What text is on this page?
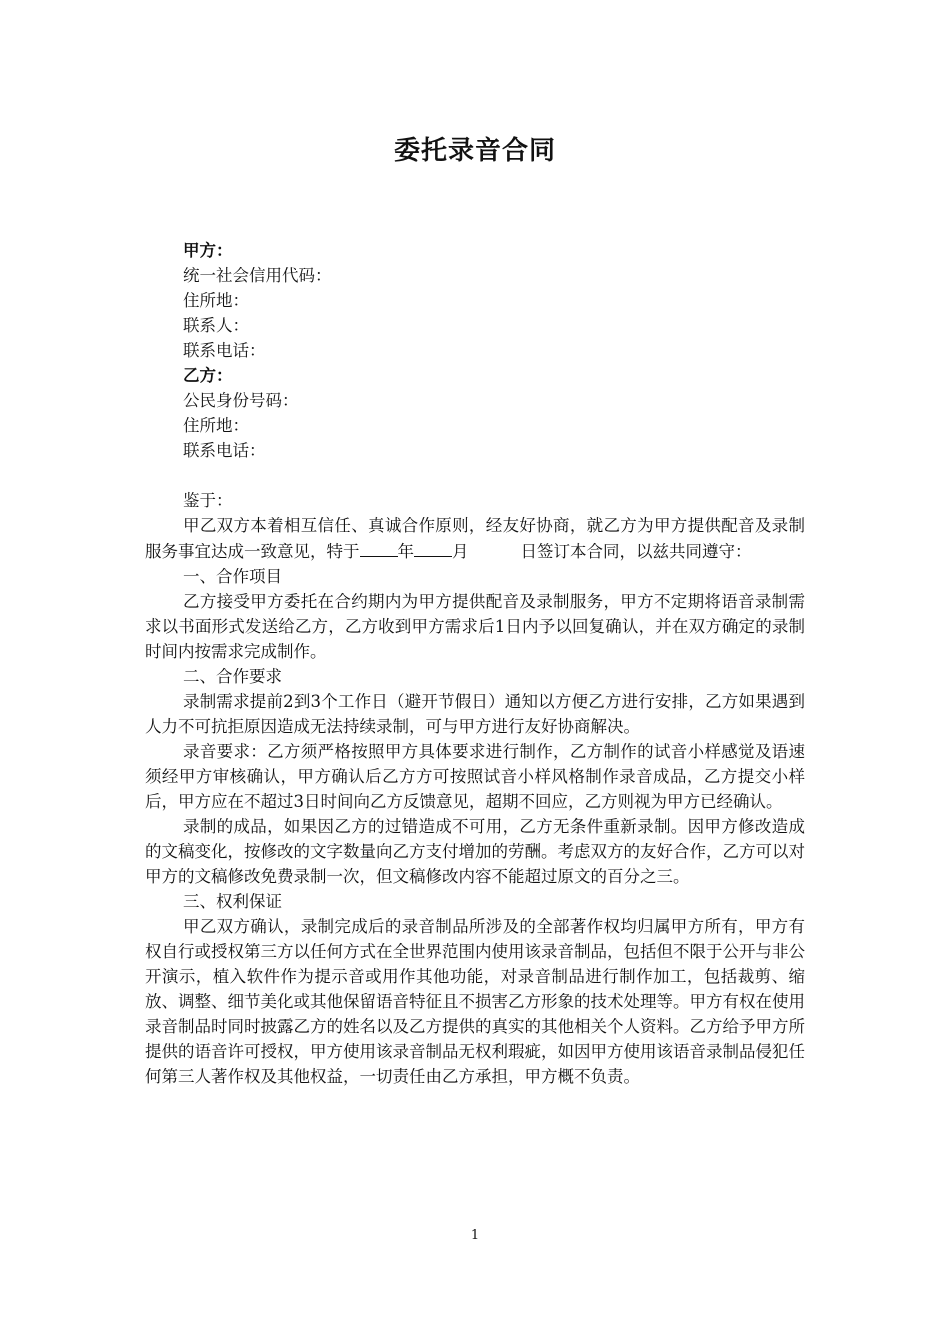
委托录音合同
甲方：
统一社会信用代码：
住所地：
联系人：
联系电话：
乙方：
公民身份号码：
住所地：
联系电话：
鉴于：

甲乙双方本着相互信任、真诚合作原则，经友好协商，就乙方为甲方提供配音及录制服务事宜达成一致意见，特于 年 月	日签订本合同，以兹共同遵守：

一、合作项目

乙方接受甲方委托在合约期内为甲方提供配音及录制服务，甲方不定期将语音录制需求以书面形式发送给乙方，乙方收到甲方需求后1日内予以回复确认，并在双方确定的录制时间内按需求完成制作。

二、合作要求

录制需求提前2到3个工作日（避开节假日）通知以方便乙方进行安排，乙方如果遇到人力不可抗拒原因造成无法持续录制，可与甲方进行友好协商解决。

录音要求：乙方须严格按照甲方具体要求进行制作，乙方制作的试音小样感觉及语速须经甲方审核确认，甲方确认后乙方方可按照试音小样风格制作录音成品，乙方提交小样后，甲方应在不超过3日时间向乙方反馈意见，超期不回应，乙方则视为甲方已经确认。

录制的成品，如果因乙方的过错造成不可用，乙方无条件重新录制。因甲方修改造成的文稿变化，按修改的文字数量向乙方支付增加的劳酬。考虑双方的友好合作，乙方可以对甲方的文稿修改免费录制一次，但文稿修改内容不能超过原文的百分之三。

三、权利保证

甲乙双方确认，录制完成后的录音制品所涉及的全部著作权均归属甲方所有，甲方有权自行或授权第三方以任何方式在全世界范围内使用该录音制品，包括但不限于公开与非公开演示，植入软件作为提示音或用作其他功能，对录音制品进行制作加工，包括裁剪、缩放、调整、细节美化或其他保留语音特征且不损害乙方形象的技术处理等。甲方有权在使用录音制品时同时披露乙方的姓名以及乙方提供的真实的其他相关个人资料。乙方给予甲方所提供的语音许可授权，甲方使用该录音制品无权利瑕疵，如因甲方使用该语音录制品侵犯任何第三人著作权及其他权益，一切责任由乙方承担，甲方概不负责。

1
